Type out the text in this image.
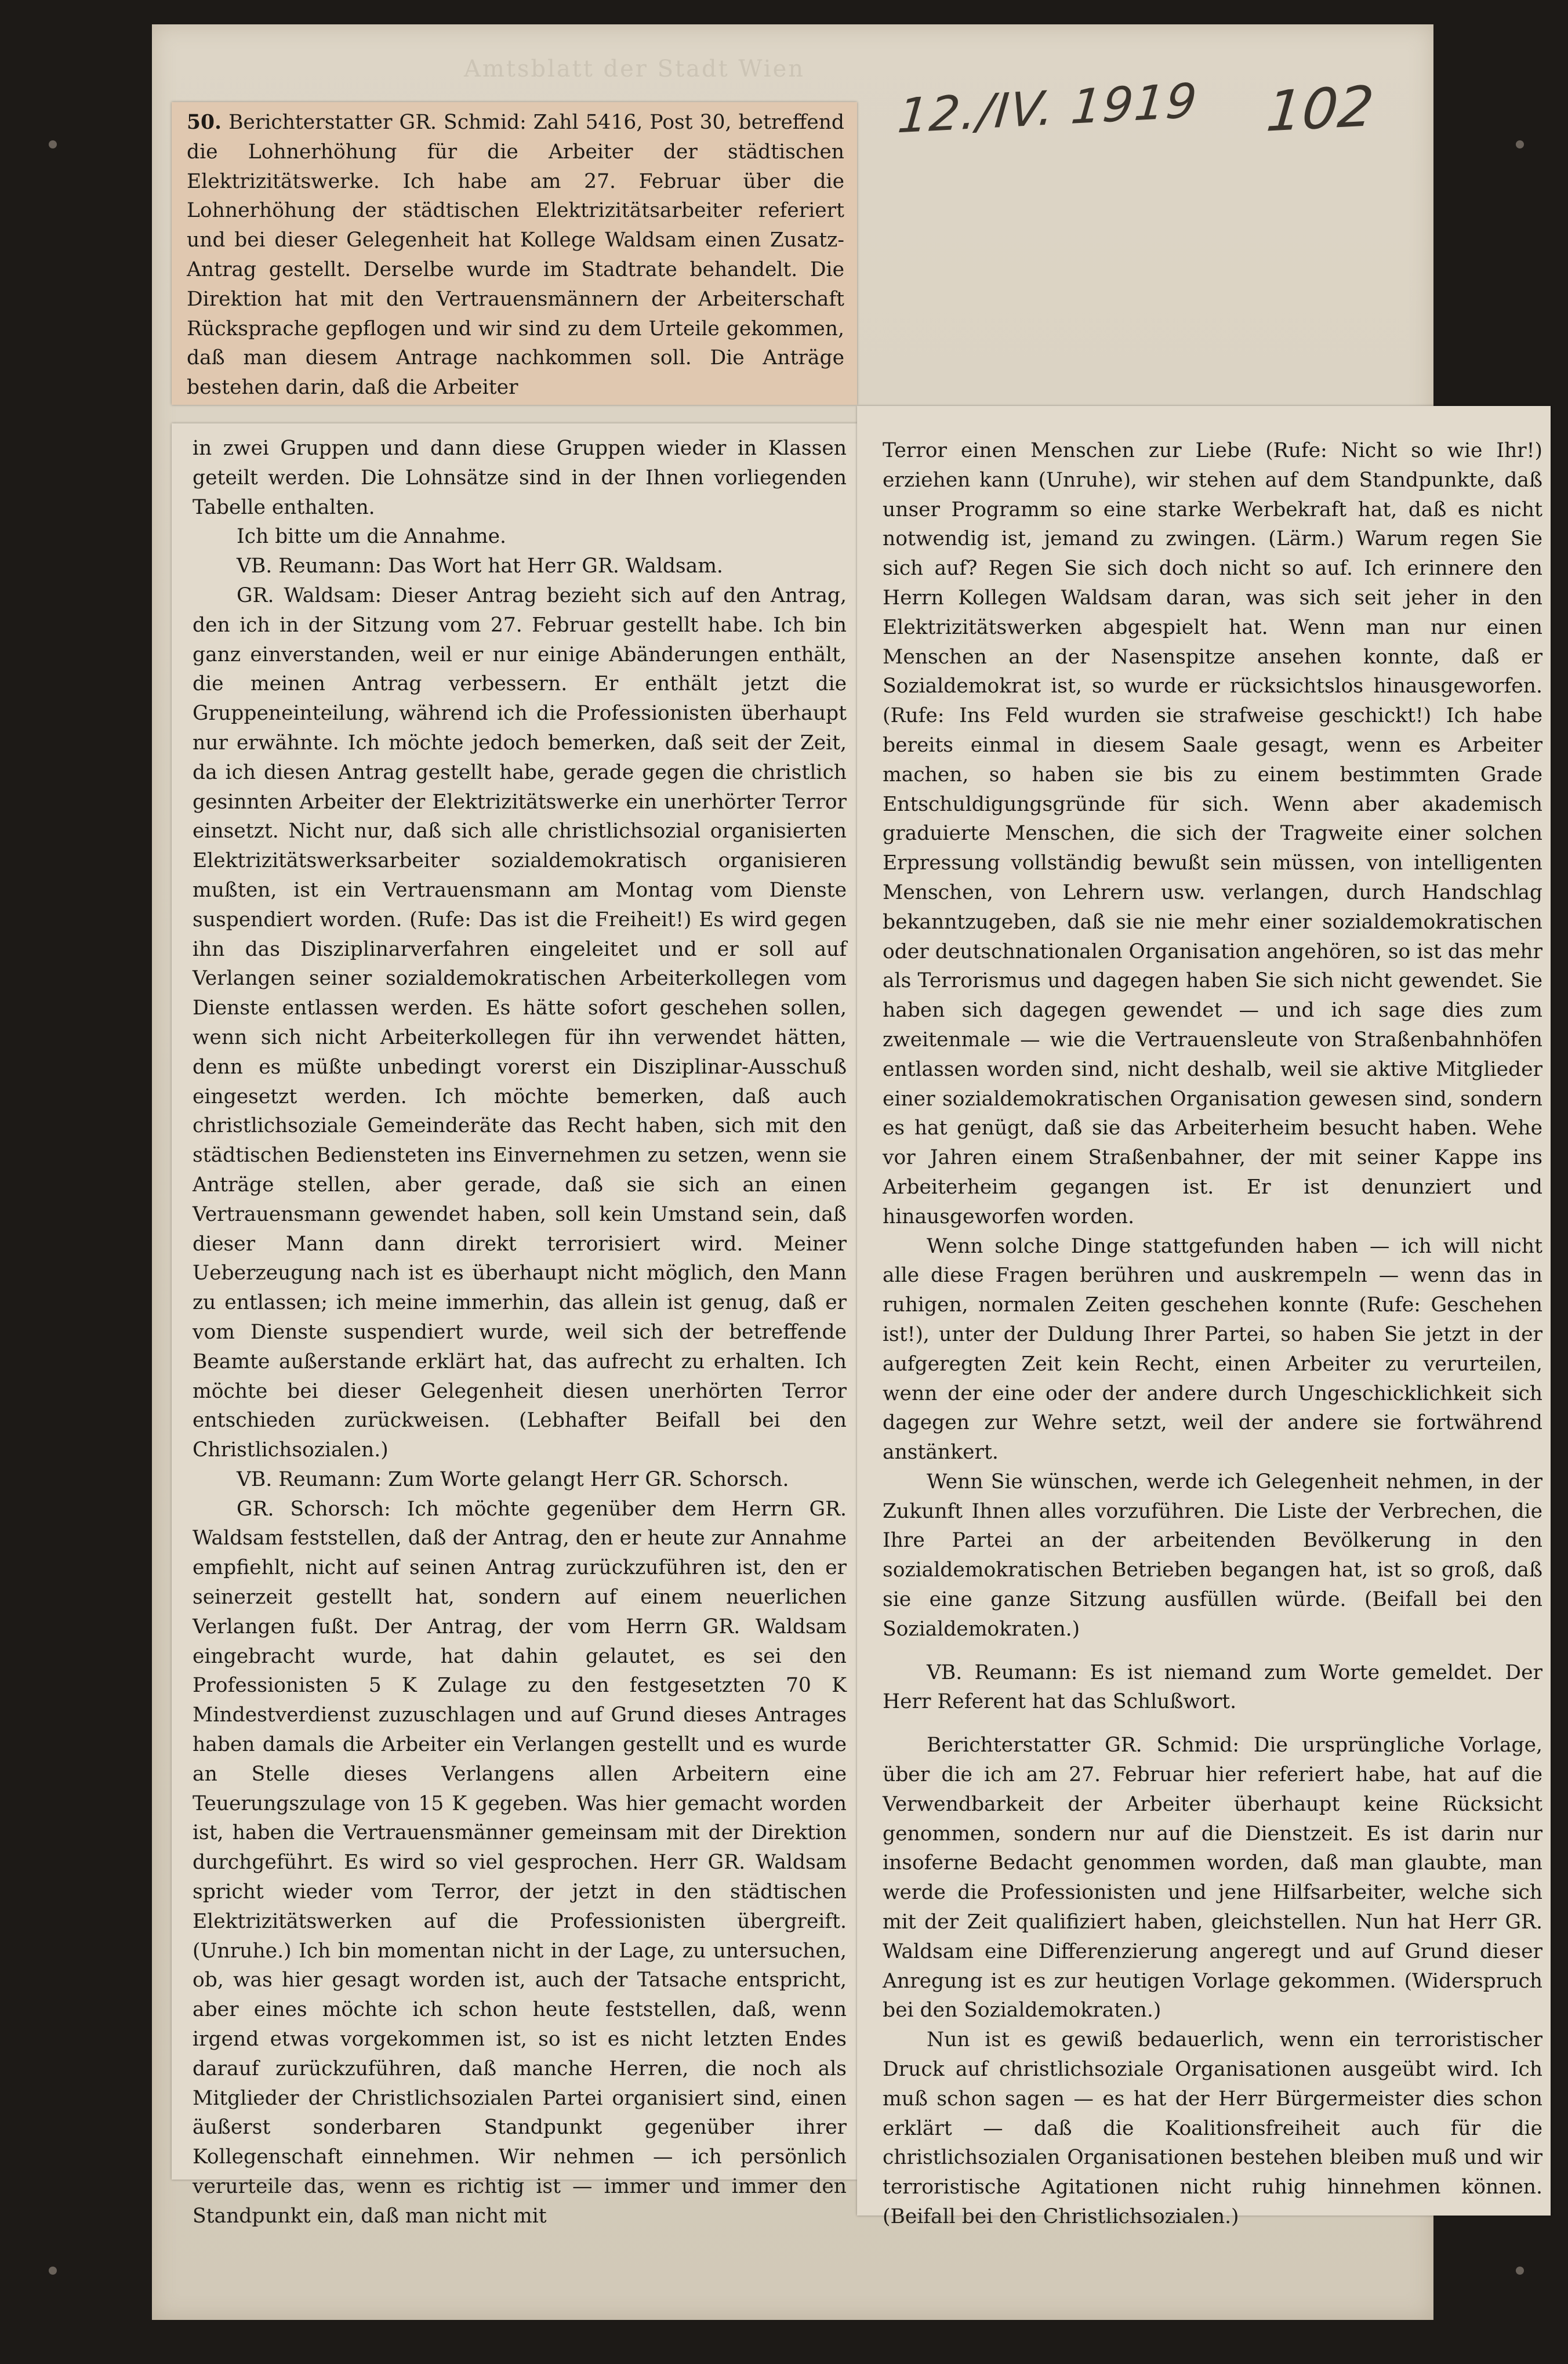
Amtsblatt der Stadt Wien
12./IV. 1919 102

50. Berichterstatter GR. Schmid: Zahl 5416, Post 30, betreffend die Lohnerhöhung für die Arbeiter der städtischen Elektrizitätswerke. Ich habe am 27. Februar über die Lohnerhöhung der städtischen Elektrizitätsarbeiter referiert und bei dieser Gelegenheit hat Kollege Waldsam einen Zusatz-Antrag gestellt. Derselbe wurde im Stadtrate behandelt. Die Direktion hat mit den Vertrauensmännern der Arbeiterschaft Rücksprache gepflogen und wir sind zu dem Urteile gekommen, daß man diesem Antrage nachkommen soll. Die Anträge bestehen darin, daß die Arbeiter

in zwei Gruppen und dann diese Gruppen wieder in Klassen geteilt werden. Die Lohnsätze sind in der Ihnen vorliegenden Tabelle enthalten.

Ich bitte um die Annahme.

VB. Reumann: Das Wort hat Herr GR. Waldsam.

GR. Waldsam: Dieser Antrag bezieht sich auf den Antrag, den ich in der Sitzung vom 27. Februar gestellt habe. Ich bin ganz einverstanden, weil er nur einige Abänderungen enthält, die meinen Antrag verbessern. Er enthält jetzt die Gruppeneinteilung, während ich die Professionisten überhaupt nur erwähnte. Ich möchte jedoch bemerken, daß seit der Zeit, da ich diesen Antrag gestellt habe, gerade gegen die christlich gesinnten Arbeiter der Elektrizitätswerke ein unerhörter Terror einsetzt. Nicht nur, daß sich alle christlichsozial organisierten Elektrizitätswerksarbeiter sozialdemokratisch organisieren mußten, ist ein Vertrauensmann am Montag vom Dienste suspendiert worden. (Rufe: Das ist die Freiheit!) Es wird gegen ihn das Disziplinarverfahren eingeleitet und er soll auf Verlangen seiner sozialdemokratischen Arbeiterkollegen vom Dienste entlassen werden. Es hätte sofort geschehen sollen, wenn sich nicht Arbeiterkollegen für ihn verwendet hätten, denn es müßte unbedingt vorerst ein Disziplinar-Ausschuß eingesetzt werden. Ich möchte bemerken, daß auch christlichsoziale Gemeinderäte das Recht haben, sich mit den städtischen Bediensteten ins Einvernehmen zu setzen, wenn sie Anträge stellen, aber gerade, daß sie sich an einen Vertrauensmann gewendet haben, soll kein Umstand sein, daß dieser Mann dann direkt terrorisiert wird. Meiner Ueberzeugung nach ist es überhaupt nicht möglich, den Mann zu entlassen; ich meine immerhin, das allein ist genug, daß er vom Dienste suspendiert wurde, weil sich der betreffende Beamte außerstande erklärt hat, das aufrecht zu erhalten. Ich möchte bei dieser Gelegenheit diesen unerhörten Terror entschieden zurückweisen. (Lebhafter Beifall bei den Christlichsozialen.)

VB. Reumann: Zum Worte gelangt Herr GR. Schorsch.

GR. Schorsch: Ich möchte gegenüber dem Herrn GR. Waldsam feststellen, daß der Antrag, den er heute zur Annahme empfiehlt, nicht auf seinen Antrag zurückzuführen ist, den er seinerzeit gestellt hat, sondern auf einem neuerlichen Verlangen fußt. Der Antrag, der vom Herrn GR. Waldsam eingebracht wurde, hat dahin gelautet, es sei den Professionisten 5 K Zulage zu den festgesetzten 70 K Mindestverdienst zuzuschlagen und auf Grund dieses Antrages haben damals die Arbeiter ein Verlangen gestellt und es wurde an Stelle dieses Verlangens allen Arbeitern eine Teuerungszulage von 15 K gegeben. Was hier gemacht worden ist, haben die Vertrauensmänner gemeinsam mit der Direktion durchgeführt. Es wird so viel gesprochen. Herr GR. Waldsam spricht wieder vom Terror, der jetzt in den städtischen Elektrizitätswerken auf die Professionisten übergreift. (Unruhe.) Ich bin momentan nicht in der Lage, zu untersuchen, ob, was hier gesagt worden ist, auch der Tatsache entspricht, aber eines möchte ich schon heute feststellen, daß, wenn irgend etwas vorgekommen ist, so ist es nicht letzten Endes darauf zurückzuführen, daß manche Herren, die noch als Mitglieder der Christlichsozialen Partei organisiert sind, einen äußerst sonderbaren Standpunkt gegenüber ihrer Kollegenschaft einnehmen. Wir nehmen — ich persönlich verurteile das, wenn es richtig ist — immer und immer den Standpunkt ein, daß man nicht mit

Terror einen Menschen zur Liebe (Rufe: Nicht so wie Ihr!) erziehen kann (Unruhe), wir stehen auf dem Standpunkte, daß unser Programm so eine starke Werbekraft hat, daß es nicht notwendig ist, jemand zu zwingen. (Lärm.) Warum regen Sie sich auf? Regen Sie sich doch nicht so auf. Ich erinnere den Herrn Kollegen Waldsam daran, was sich seit jeher in den Elektrizitätswerken abgespielt hat. Wenn man nur einen Menschen an der Nasenspitze ansehen konnte, daß er Sozialdemokrat ist, so wurde er rücksichtslos hinausgeworfen. (Rufe: Ins Feld wurden sie strafweise geschickt!) Ich habe bereits einmal in diesem Saale gesagt, wenn es Arbeiter machen, so haben sie bis zu einem bestimmten Grade Entschuldigungsgründe für sich. Wenn aber akademisch graduierte Menschen, die sich der Tragweite einer solchen Erpressung vollständig bewußt sein müssen, von intelligenten Menschen, von Lehrern usw. verlangen, durch Handschlag bekanntzugeben, daß sie nie mehr einer sozialdemokratischen oder deutschnationalen Organisation angehören, so ist das mehr als Terrorismus und dagegen haben Sie sich nicht gewendet. Sie haben sich dagegen gewendet — und ich sage dies zum zweitenmale — wie die Vertrauensleute von Straßenbahnhöfen entlassen worden sind, nicht deshalb, weil sie aktive Mitglieder einer sozialdemokratischen Organisation gewesen sind, sondern es hat genügt, daß sie das Arbeiterheim besucht haben. Wehe vor Jahren einem Straßenbahner, der mit seiner Kappe ins Arbeiterheim gegangen ist. Er ist denunziert und hinausgeworfen worden.

Wenn solche Dinge stattgefunden haben — ich will nicht alle diese Fragen berühren und auskrempeln — wenn das in ruhigen, normalen Zeiten geschehen konnte (Rufe: Geschehen ist!), unter der Duldung Ihrer Partei, so haben Sie jetzt in der aufgeregten Zeit kein Recht, einen Arbeiter zu verurteilen, wenn der eine oder der andere durch Ungeschicklichkeit sich dagegen zur Wehre setzt, weil der andere sie fortwährend anstänkert.

Wenn Sie wünschen, werde ich Gelegenheit nehmen, in der Zukunft Ihnen alles vorzuführen. Die Liste der Verbrechen, die Ihre Partei an der arbeitenden Bevölkerung in den sozialdemokratischen Betrieben begangen hat, ist so groß, daß sie eine ganze Sitzung ausfüllen würde. (Beifall bei den Sozialdemokraten.)

VB. Reumann: Es ist niemand zum Worte gemeldet. Der Herr Referent hat das Schlußwort.

Berichterstatter GR. Schmid: Die ursprüngliche Vorlage, über die ich am 27. Februar hier referiert habe, hat auf die Verwendbarkeit der Arbeiter überhaupt keine Rücksicht genommen, sondern nur auf die Dienstzeit. Es ist darin nur insoferne Bedacht genommen worden, daß man glaubte, man werde die Professionisten und jene Hilfsarbeiter, welche sich mit der Zeit qualifiziert haben, gleichstellen. Nun hat Herr GR. Waldsam eine Differenzierung angeregt und auf Grund dieser Anregung ist es zur heutigen Vorlage gekommen. (Widerspruch bei den Sozialdemokraten.)

Nun ist es gewiß bedauerlich, wenn ein terroristischer Druck auf christlichsoziale Organisationen ausgeübt wird. Ich muß schon sagen — es hat der Herr Bürgermeister dies schon erklärt — daß die Koalitionsfreiheit auch für die christlichsozialen Organisationen bestehen bleiben muß und wir terroristische Agitationen nicht ruhig hinnehmen können. (Beifall bei den Christlichsozialen.)
